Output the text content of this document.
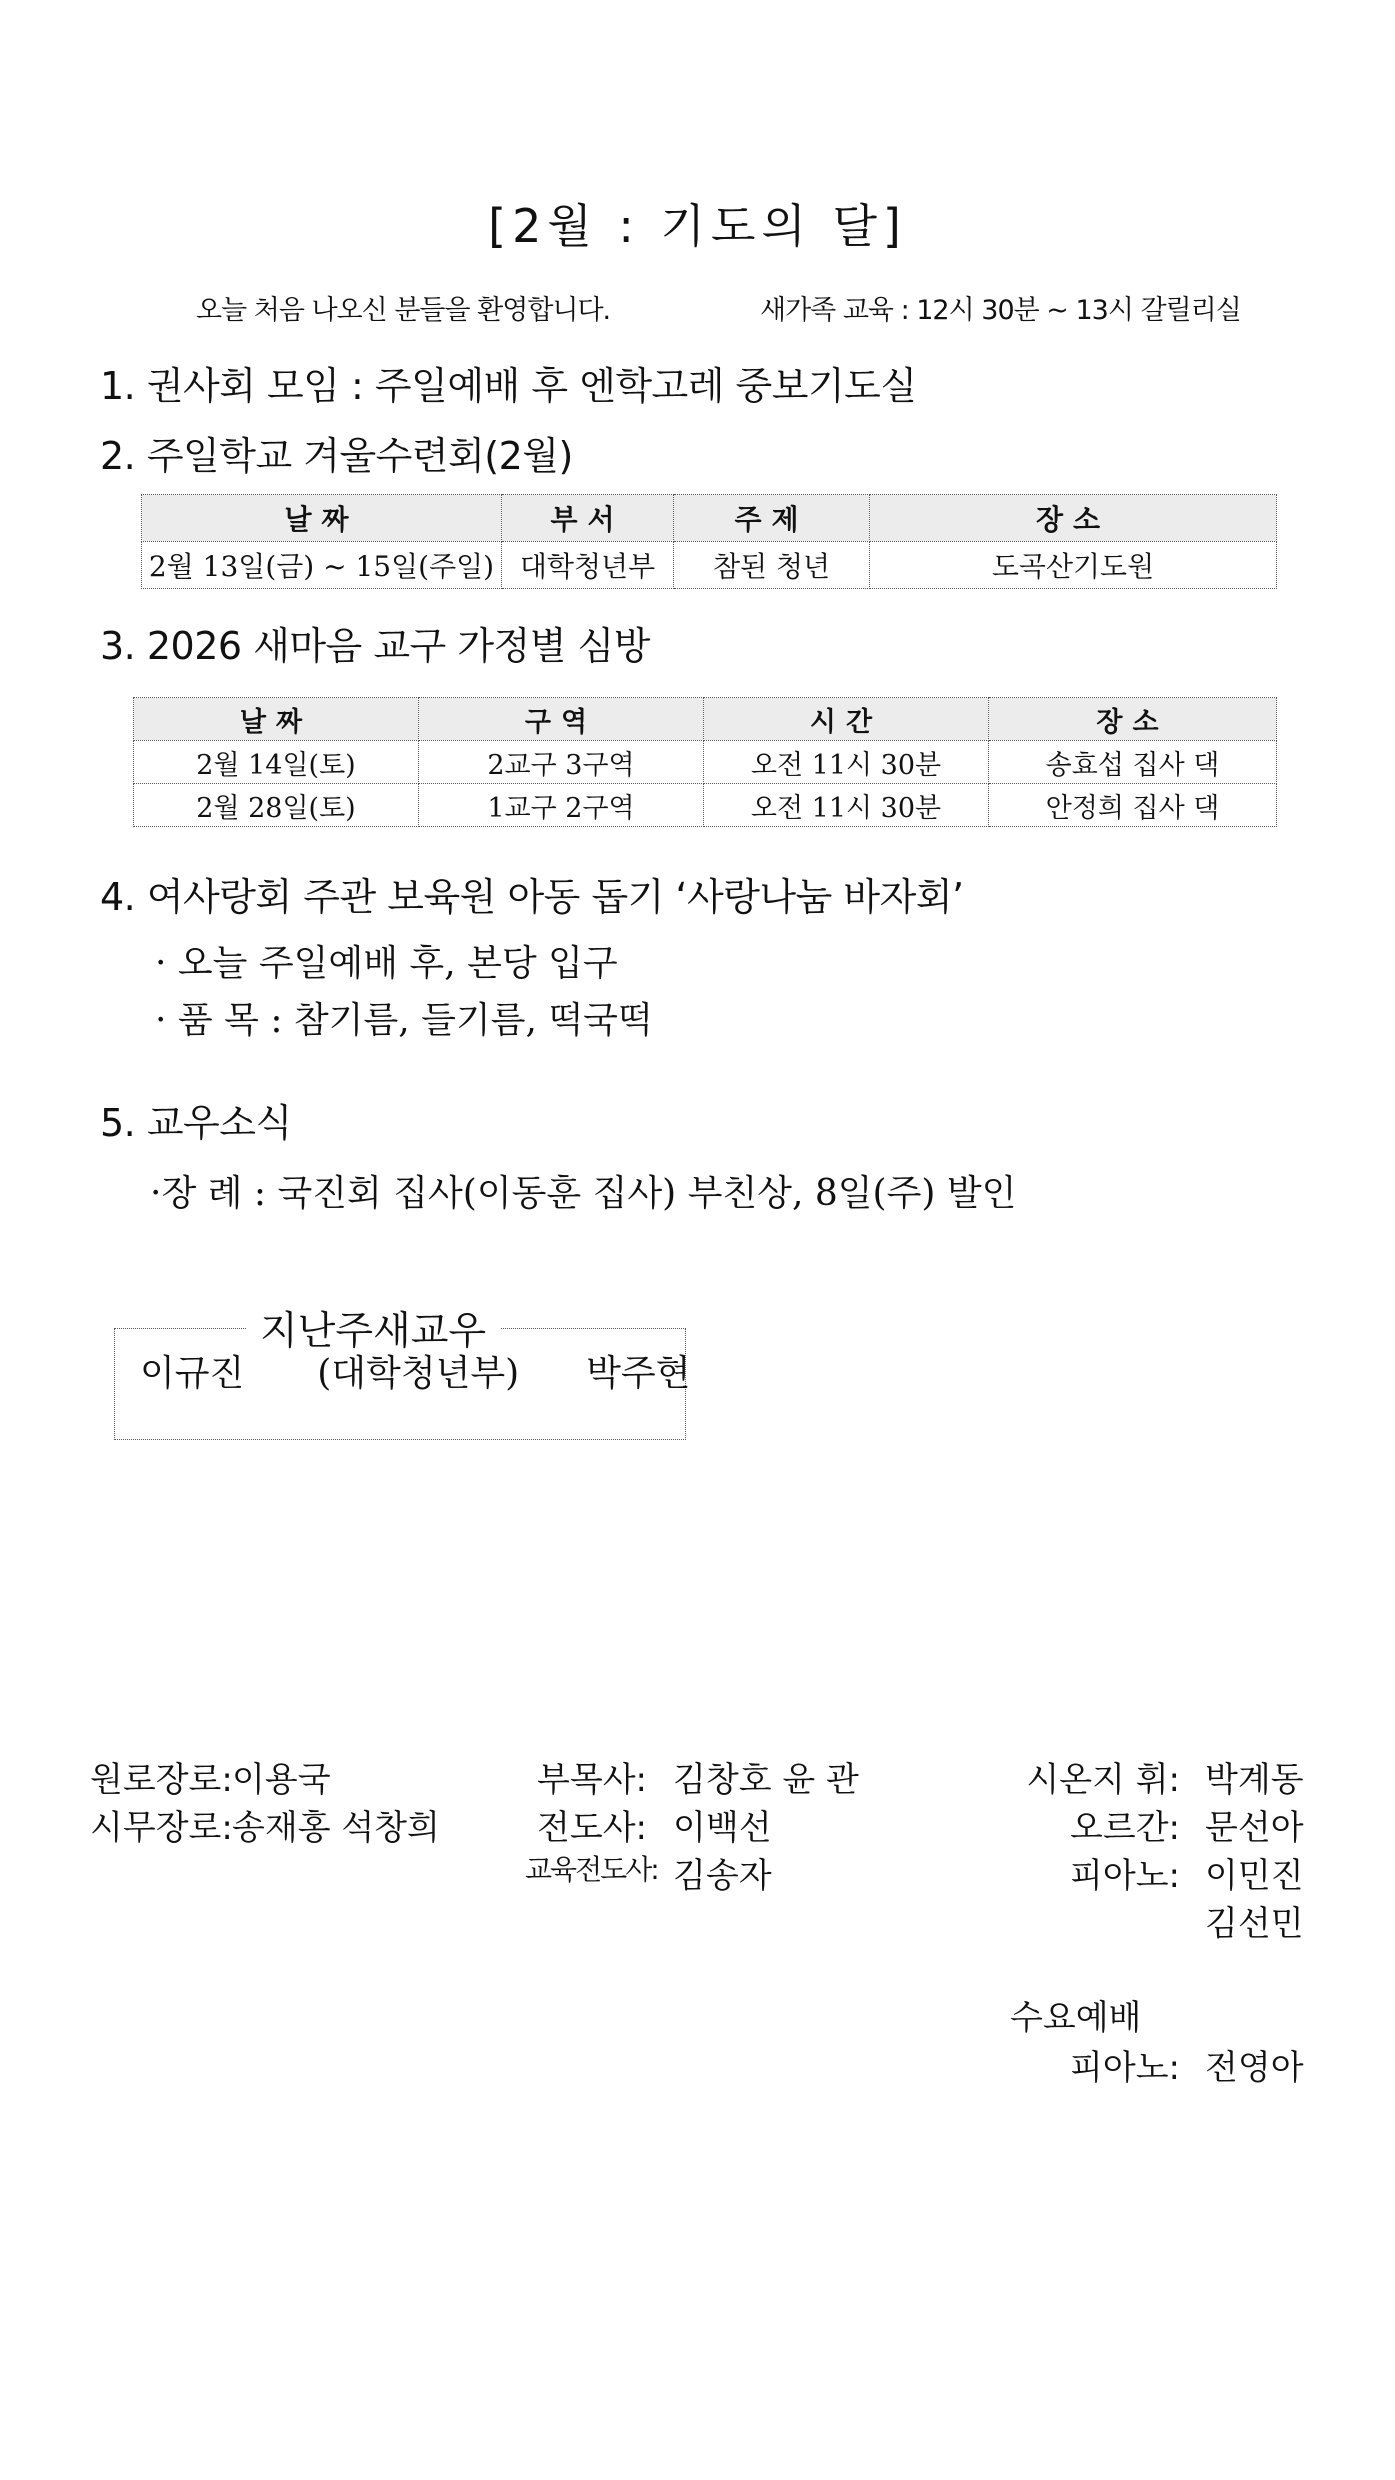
[2월 : 기도의 달]
오늘 처음 나오신 분들을 환영합니다.	새가족 교육 : 12시 30분 ~ 13시 갈릴리실
1. 권사회 모임 : 주일예배 후 엔학고레 중보기도실
2. 주일학교 겨울수련회(2월)
날짜	부서	주제	장소
2월 13일(금) ~ 15일(주일)	대학청년부	참된 청년	도곡산기도원
3. 2026 새마음 교구 가정별 심방
날짜	구역	시간	장소
2월 14일(토)	2교구 3구역	오전 11시 30분	송효섭 집사 댁
2월 28일(토)	1교구 2구역	오전 11시 30분	안정희 집사 댁
4. 여사랑회 주관 보육원 아동 돕기 ‘사랑나눔 바자회’
· 오늘 주일예배 후, 본당 입구
· 품 목 : 참기름, 들기름, 떡국떡
5. 교우소식
·장 례 : 국진회 집사(이동훈 집사) 부친상, 8일(주) 발인
지난주새교우
이규진 (대학청년부) 박주현
원로장로: 이용국
시무장로: 송재홍 석창희
부목사: 김창호 윤 관
전도사: 이백선
교육전도사: 김송자
시온지 휘: 박계동
오르간: 문선아
피아노: 이민진
김선민
수요예배
피아노: 전영아
